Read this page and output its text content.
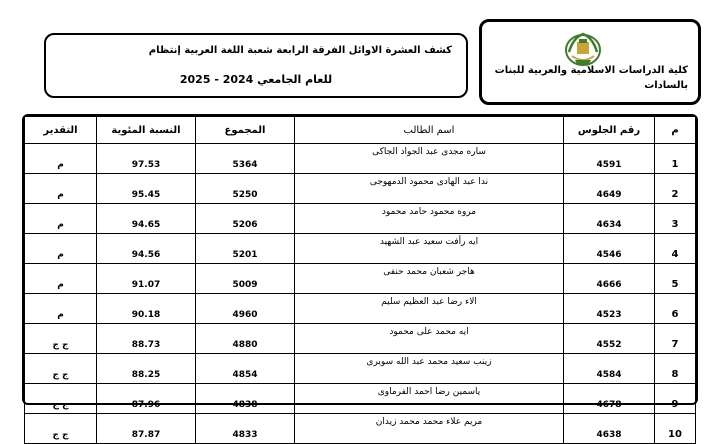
كشف العشرة الاوائل الفرقة الرابعة شعبة اللغة العربية إنتظام
للعام الجامعي 2024 - 2025
كلية الدراسات الاسلامية والعربية للبنات
بالسادات
م	رقم الجلوس	اسم الطالب	المجموع	النسبة المئوية	التقدير
1	4591	ساره مجدى عبد الجواد الجاكى	5364	97.53	م
2	4649	ندا عبد الهادى محمود الدمهوجى	5250	95.45	م
3	4634	مروه محمود حامد محمود	5206	94.65	م
4	4546	ايه رأفت سعيد عبد الشهيد	5201	94.56	م
5	4666	هاجر شعبان محمد حنفى	5009	91.07	م
6	4523	الاء رضا عبد العظيم سليم	4960	90.18	م
7	4552	ايه محمد على محمود	4880	88.73	ج ج
8	4584	زينب سعيد محمد عبد الله سويرى	4854	88.25	ج ج
9	4678	ياسمين رضا احمد الفرماوى	4838	87.96	ج ج
10	4638	مريم علاء محمد محمد زيدان	4833	87.87	ج ج
